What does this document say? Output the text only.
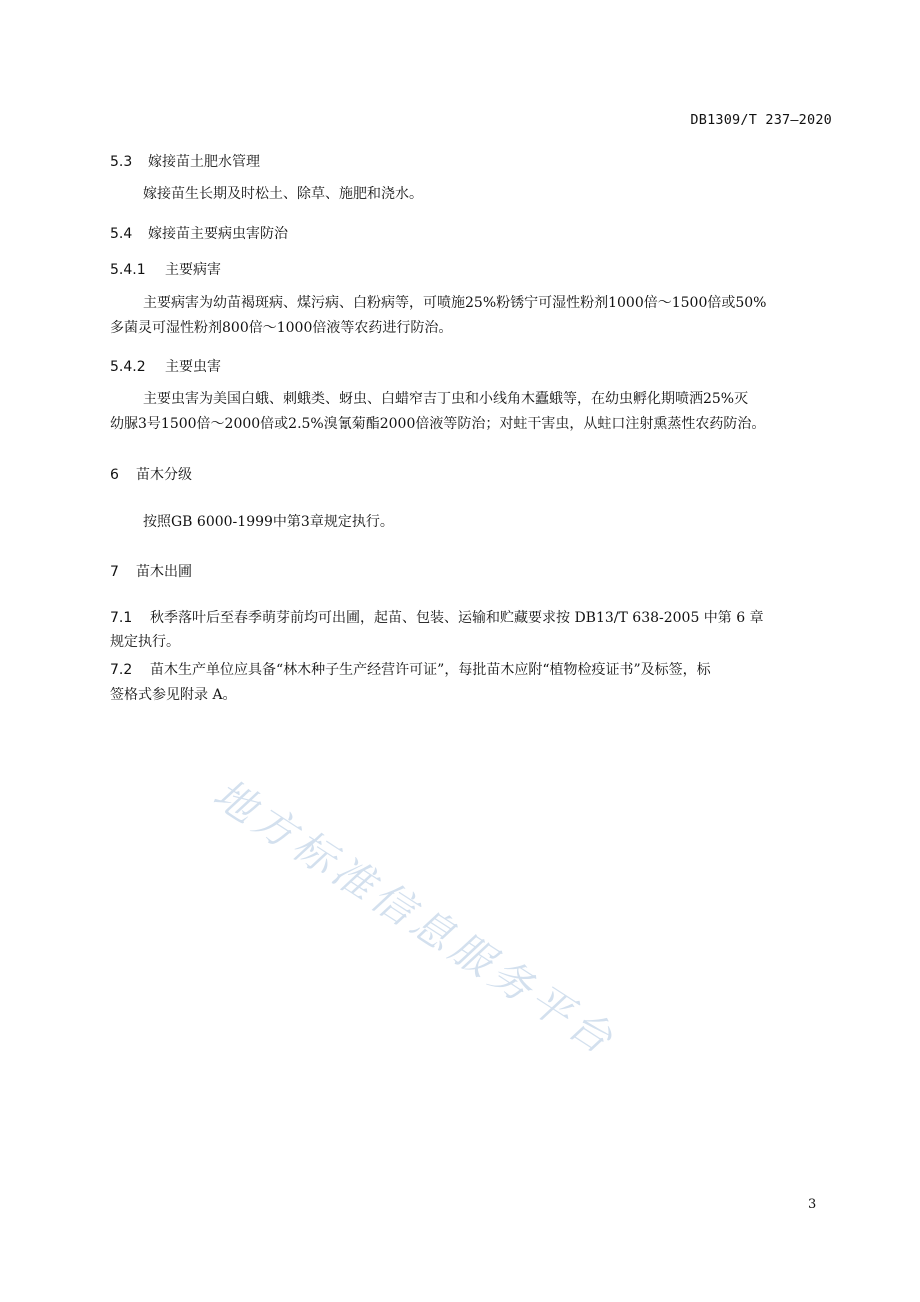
DB1309/T 237—2020
5.3 嫁接苗土肥水管理
嫁接苗生长期及时松土、除草、施肥和浇水。
5.4 嫁接苗主要病虫害防治
5.4.1 主要病害
主要病害为幼苗褐斑病、煤污病、白粉病等，可喷施25%粉锈宁可湿性粉剂1000倍～1500倍或50%
多菌灵可湿性粉剂800倍～1000倍液等农药进行防治。
5.4.2 主要虫害
主要虫害为美国白蛾、刺蛾类、蚜虫、白蜡窄吉丁虫和小线角木蠹蛾等，在幼虫孵化期喷洒25%灭
幼脲3号1500倍～2000倍或2.5%溴氰菊酯2000倍液等防治；对蛀干害虫，从蛀口注射熏蒸性农药防治。
6 苗木分级
按照GB 6000-1999中第3章规定执行。
7 苗木出圃
7.1 秋季落叶后至春季萌芽前均可出圃，起苗、包装、运输和贮藏要求按 DB13/T 638-2005 中第 6 章
规定执行。
7.2 苗木生产单位应具备“林木种子生产经营许可证”，每批苗木应附“植物检疫证书”及标签，标
签格式参见附录 A。
地方标准信息服务平台
3
